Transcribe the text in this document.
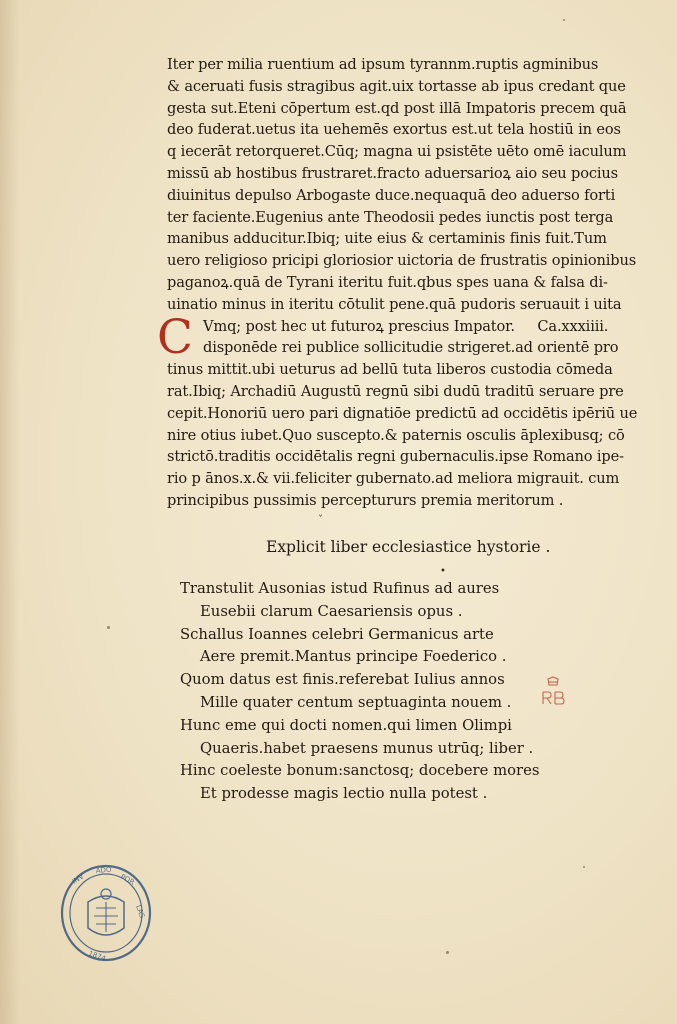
Iter per milia ruentium ad ipsum tyrannm.ruptis agminibus
& aceruati fusis stragibus agit.uix tortasse ab ipus credant que
gesta sut.Eteni cōpertum est.qd post illā Impatoris precem quā
deo fuderat.uetus ita uehemēs exortus est.ut tela hostiū in eos
q iecerāt retorqueret.Cūq; magna ui psistēte uēto omē iaculum
missū ab hostibus frustraret.fracto aduersarioꝝ aio seu pocius
diuinitus depulso Arbogaste duce.nequaquā deo aduerso forti
ter faciente.Eugenius ante Theodosii pedes iunctis post terga
manibus adducitur.Ibiq; uite eius & certaminis finis fuit.Tum
uero religioso pricipi gloriosior uictoria de frustratis opinionibus
paganoꝝ.quā de Tyrani iteritu fuit.qbus spes uana & falsa di-
uinatio minus in iteritu cōtulit pene.quā pudoris seruauit i uita
C Vmq; post hec ut futuroꝝ prescius Impator. Ca.xxxiiii.
disponēde rei publice sollicitudie strigeret.ad orientē pro
tinus mittit.ubi ueturus ad bellū tuta liberos custodia cōmeda
rat.Ibiq; Archadiū Augustū regnū sibi dudū traditū seruare pre
cepit.Honoriū uero pari dignatiōe predictū ad occidētis ipēriū ue
nire otius iubet.Quo suscepto.& paternis osculis āplexibusq; cō
strictō.traditis occidētalis regni gubernaculis.ipse Romano ipe-
rio p ānos.x.& vii.feliciter gubernato.ad meliora migrauit. cum
principibus pussimis perceptururs premia meritorum .
Explicit liber ecclesiastice hystorie .
ˇ
•
Transtulit Ausonias istud Rufinus ad aures
Eusebii clarum Caesariensis opus .
Schallus Ioannes celebri Germanicus arte
Aere premit.Mantus principe Foederico .
Quom datus est finis.referebat Iulius annos
Mille quater centum septuaginta nouem .
Hunc eme qui docti nomen.qui limen Olimpi
Quaeris.habet praesens munus utrūq; liber .
Hinc coeleste bonum:sanctosq; docebere mores
Et prodesse magis lectio nulla potest .
INV
ADO
POR
LAS
1874
